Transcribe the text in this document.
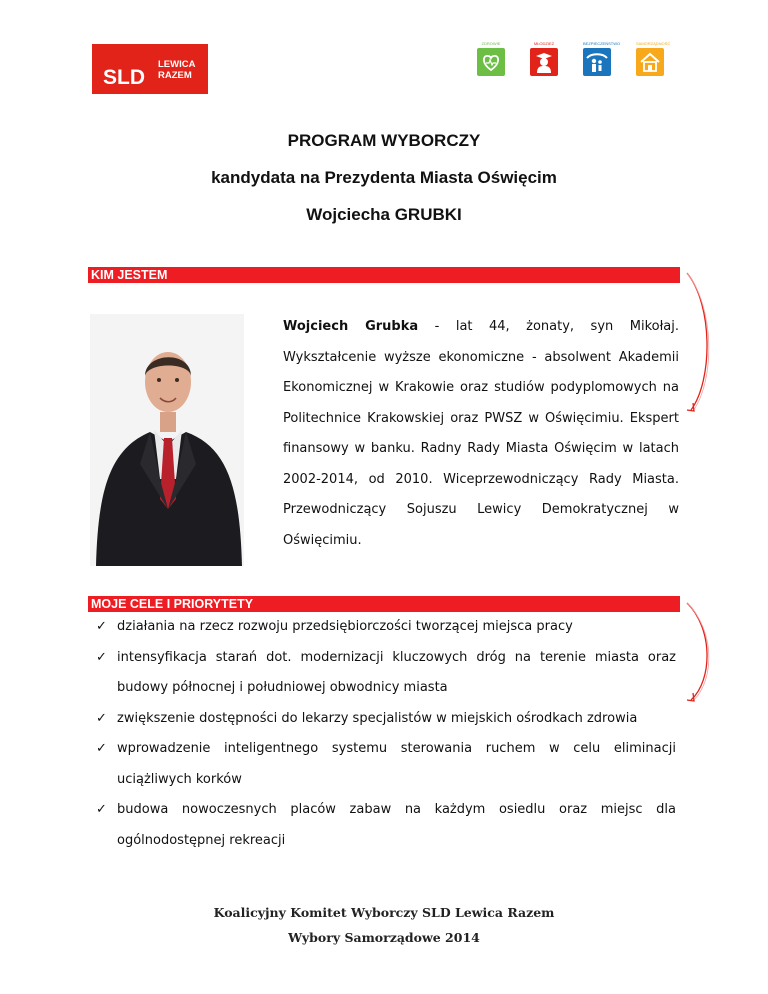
SLD
LEWICA
RAZEM
ZDROWIE	MŁODZIEŻ	BEZPIECZEŃSTWO	SAMORZĄDNOŚĆ
PROGRAM WYBORCZY
kandydata na Prezydenta Miasta Oświęcim
Wojciecha GRUBKI
KIM JESTEM
Wojciech Grubka - lat 44, żonaty, syn Mikołaj. Wykształcenie wyższe ekonomiczne - absolwent Akademii Ekonomicznej w Krakowie oraz studiów podyplomowych na Politechnice Krakowskiej oraz PWSZ w Oświęcimiu. Ekspert finansowy w banku. Radny Rady Miasta Oświęcim w latach 2002-2014, od 2010. Wiceprzewodniczący Rady Miasta. Przewodniczący Sojuszu Lewicy Demokratycznej w Oświęcimiu.
MOJE CELE I PRIORYTETY
✓ działania na rzecz rozwoju przedsiębiorczości tworzącej miejsca pracy
✓ intensyfikacja starań dot. modernizacji kluczowych dróg na terenie miasta oraz budowy północnej i południowej obwodnicy miasta
✓ zwiększenie dostępności do lekarzy specjalistów w miejskich ośrodkach zdrowia
✓ wprowadzenie inteligentnego systemu sterowania ruchem w celu eliminacji uciążliwych korków
✓ budowa nowoczesnych placów zabaw na każdym osiedlu oraz miejsc dla ogólnodostępnej rekreacji
Koalicyjny Komitet Wyborczy SLD Lewica Razem
Wybory Samorządowe 2014
